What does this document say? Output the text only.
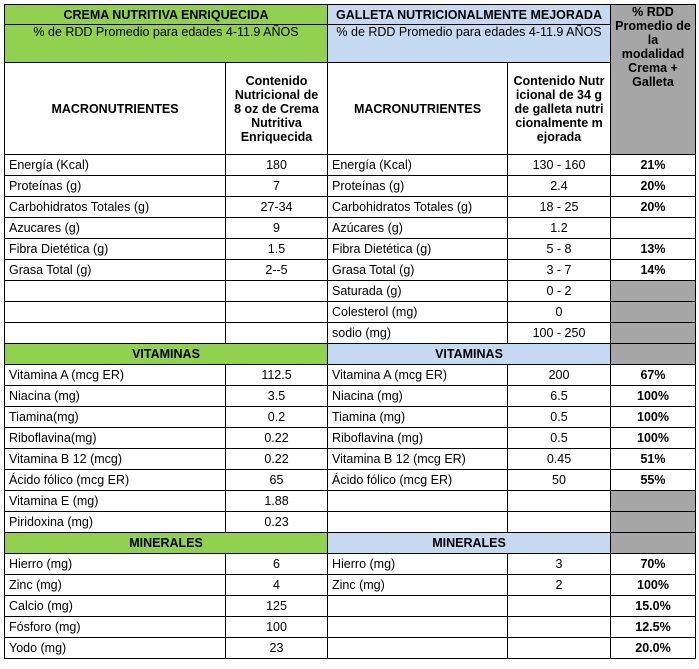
CREMA NUTRITIVA ENRIQUECIDA		GALLETA NUTRICIONALMENTE MEJORADA		% RDD Promedio de la modalidad Crema + Galleta
% de RDD Promedio para edades 4-11.9 AÑOS		% de RDD Promedio para edades 4-11.9 AÑOS		
MACRONUTRIENTES	Contenido Nutricional de 8 oz de Crema Nutritiva Enriquecida	MACRONUTRIENTES	Contenido Nutricional de 34 g de galleta nutricionalmente mejorada	
Energía (Kcal)	180	Energía (Kcal)	130 - 160	21%
Proteínas (g)	7	Proteínas (g)	2.4	20%
Carbohidratos Totales (g)	27-34	Carbohidratos Totales (g)	18 - 25	20%
Azucares (g)	9	Azúcares (g)	1.2	
Fibra Dietética (g)	1.5	Fibra Dietética (g)	5 - 8	13%
Grasa Total (g)	2--5	Grasa Total (g)	3 - 7	14%
		Saturada (g)	0 - 2	
		Colesterol (mg)	0	
		sodio (mg)	100 - 250	
VITAMINAS		VITAMINAS		
Vitamina A (mcg ER)	112.5	Vitamina A (mcg ER)	200	67%
Niacina (mg)	3.5	Niacina (mg)	6.5	100%
Tiamina(mg)	0.2	Tiamina (mg)	0.5	100%
Riboflavina(mg)	0.22	Riboflavina (mg)	0.5	100%
Vitamina B 12 (mcg)	0.22	Vitamina B 12 (mcg ER)	0.45	51%
Ácido fólico (mcg ER)	65	Ácido fólico (mcg ER)	50	55%
Vitamina E (mg)	1.88			
Piridoxina (mg)	0.23			
MINERALES		MINERALES		
Hierro (mg)	6	Hierro (mg)	3	70%
Zinc (mg)	4	Zinc (mg)	2	100%
Calcio (mg)	125			15.0%
Fósforo (mg)	100			12.5%
Yodo (mg)	23			20.0%
